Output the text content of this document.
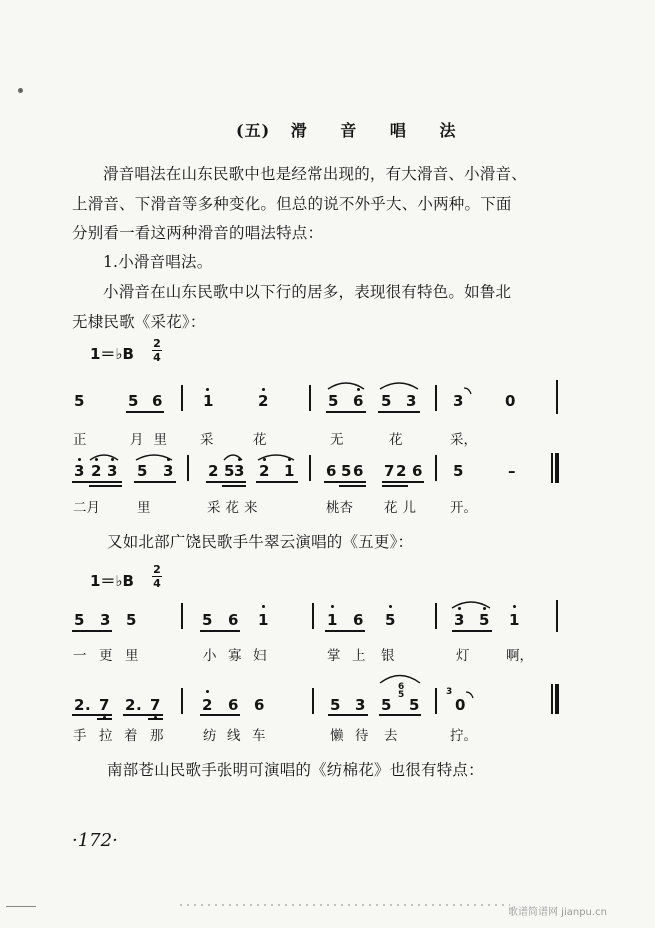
(五) 滑 音 唱 法
滑音唱法在山东民歌中也是经常出现的，有大滑音、小滑音、
上滑音、下滑音等多种变化。但总的说不外乎大、小两种。下面
分别看一看这两种滑音的唱法特点：
1.小滑音唱法。
小滑音在山东民歌中以下行的居多，表现很有特色。如鲁北
无棣民歌《采花》：
1＝♭B
2
4
5	5 6	1	2	5 6 5 3 3	0
正	月里 采	花	无	花	采，
3 2 3 5 3 2 5 3 2 1 6 5 6 7 2 6 5	–
二月	里	采花来	桃杏 花儿 开。
又如北部广饶民歌手牛翠云演唱的《五更》：
1＝♭B
2
4
5 3 5	5 6 1	1 6 5	3 5 1
一 更 里	小 寡 妇	掌 上 银	灯	啊，
2 . 7 2 . 7	2 6 6	5 3 5
6
5
5
3
0
手 拉 着 那	纺 线 车	懒 待 去	拧。
南部苍山民歌手张明可演唱的《纺棉花》也很有特点：
·172·
歌谱简谱网 jianpu.cn
